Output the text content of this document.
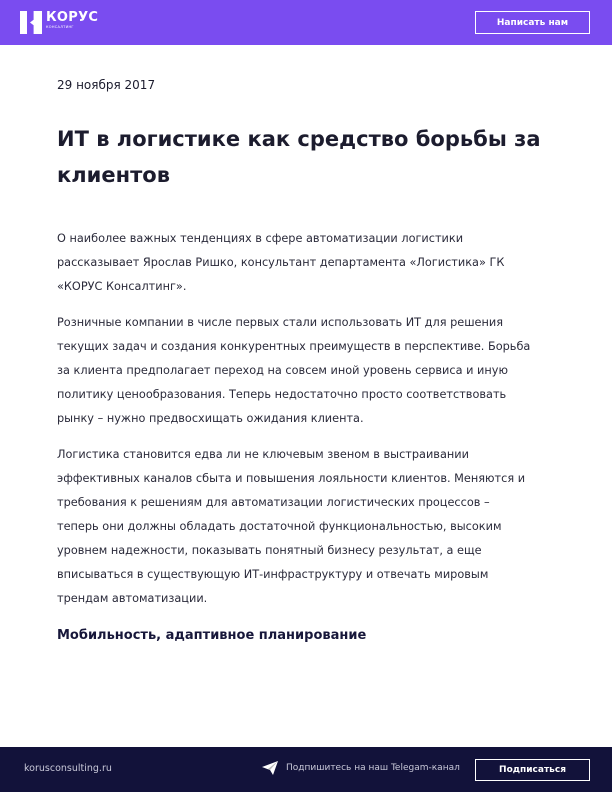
КОРУС
КОНСАЛТИНГ	Написать нам
29 ноября 2017
ИТ в логистике как средство борьбы за
клиентов
О наиболее важных тенденциях в сфере автоматизации логистики
рассказывает Ярослав Ришко, консультант департамента «Логистика» ГК
«КОРУС Консалтинг».
Розничные компании в числе первых стали использовать ИТ для решения
текущих задач и создания конкурентных преимуществ в перспективе. Борьба
за клиента предполагает переход на совсем иной уровень сервиса и иную
политику ценообразования. Теперь недостаточно просто соответствовать
рынку – нужно предвосхищать ожидания клиента.
Логистика становится едва ли не ключевым звеном в выстраивании
эффективных каналов сбыта и повышения лояльности клиентов. Меняются и
требования к решениям для автоматизации логистических процессов –
теперь они должны обладать достаточной функциональностью, высоким
уровнем надежности, показывать понятный бизнесу результат, а еще
вписываться в существующую ИТ-инфраструктуру и отвечать мировым
трендам автоматизации.
Мобильность, адаптивное планирование
korusconsulting.ru	Подпишитесь на наш Telegam-канал	Подписаться
